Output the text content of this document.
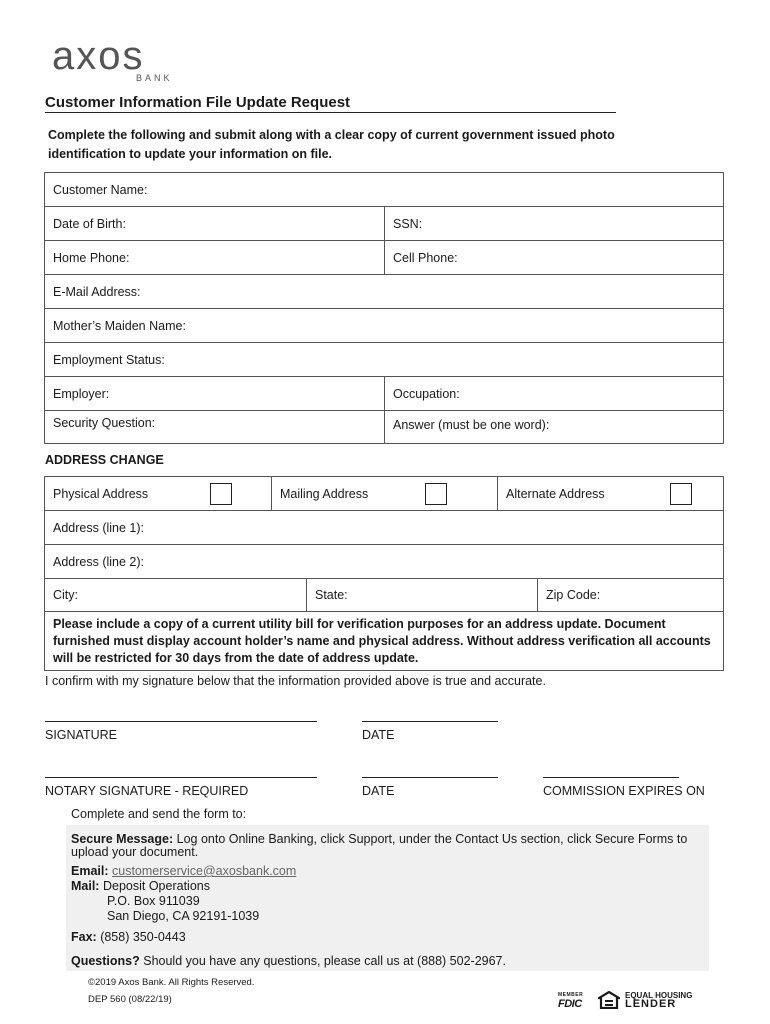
axos
BANK
Customer Information File Update Request
Complete the following and submit along with a clear copy of current government issued photo identification to update your information on file.
Customer Name:
Date of Birth:	SSN:
Home Phone:	Cell Phone:
E-Mail Address:
Mother’s Maiden Name:
Employment Status:
Employer:	Occupation:
Security Question:	Answer (must be one word):
ADDRESS CHANGE
Physical Address	Mailing Address	Alternate Address
Address (line 1):
Address (line 2):
City:	State:	Zip Code:
Please include a copy of a current utility bill for verification purposes for an address update. Document furnished must display account holder’s name and physical address. Without address verification all accounts will be restricted for 30 days from the date of address update.
I confirm with my signature below that the information provided above is true and accurate.
SIGNATURE	DATE
NOTARY SIGNATURE - REQUIRED	DATE	COMMISSION EXPIRES ON
Complete and send the form to:
Secure Message: Log onto Online Banking, click Support, under the Contact Us section, click Secure Forms to
upload your document.
Email: customerservice@axosbank.com
Mail: Deposit Operations
P.O. Box 911039
San Diego, CA 92191-1039
Fax: (858) 350-0443
Questions? Should you have any questions, please call us at (888) 502-2967.
©2019 Axos Bank. All Rights Reserved.
DEP 560 (08/22/19)	MEMBER
FDIC
EQUAL HOUSING
LENDER
